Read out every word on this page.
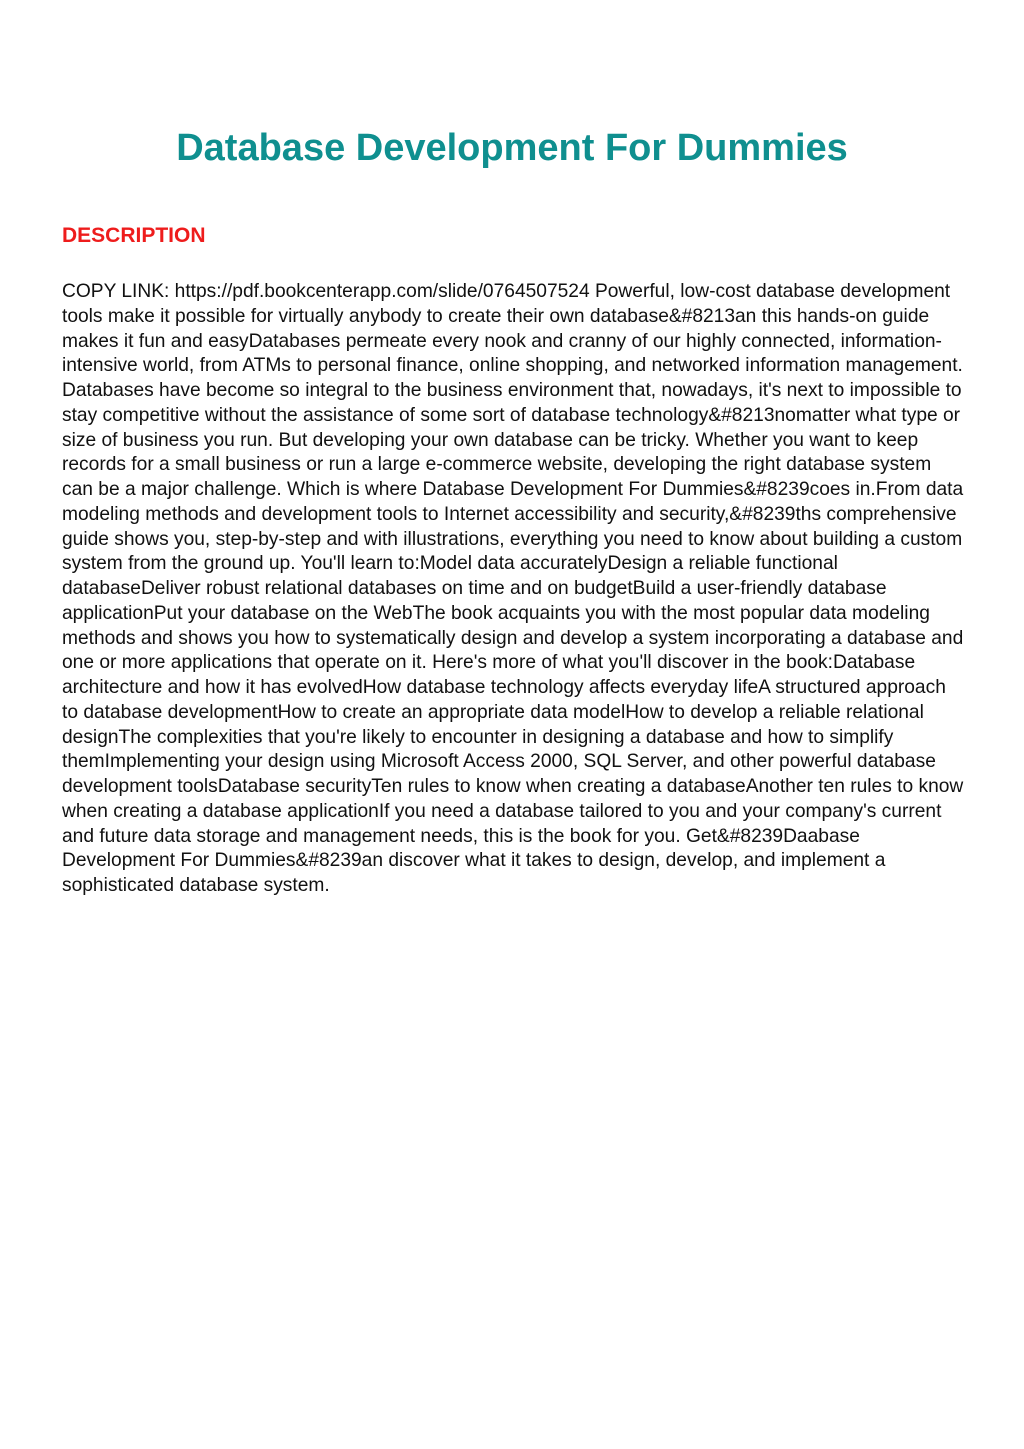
Database Development For Dummies
DESCRIPTION

COPY LINK: https://pdf.bookcenterapp.com/slide/0764507524 Powerful, low-cost database development tools make it possible for virtually anybody to create their own database&#8213an this hands-on guide makes it fun and easyDatabases permeate every nook and cranny of our highly connected, information-intensive world, from ATMs to personal finance, online shopping, and networked information management. Databases have become so integral to the business environment that, nowadays, it's next to impossible to stay competitive without the assistance of some sort of database technology&#8213nomatter what type or size of business you run. But developing your own database can be tricky. Whether you want to keep records for a small business or run a large e-commerce website, developing the right database system can be a major challenge. Which is where Database Development For Dummies&#8239coes in.From data modeling methods and development tools to Internet accessibility and security,&#8239ths comprehensive guide shows you, step-by-step and with illustrations, everything you need to know about building a custom system from the ground up. You'll learn to:Model data accuratelyDesign a reliable functional databaseDeliver robust relational databases on time and on budgetBuild a user-friendly database applicationPut your database on the WebThe book acquaints you with the most popular data modeling methods and shows you how to systematically design and develop a system incorporating a database and one or more applications that operate on it. Here's more of what you'll discover in the book:Database architecture and how it has evolvedHow database technology affects everyday lifeA structured approach to database developmentHow to create an appropriate data modelHow to develop a reliable relational designThe complexities that you're likely to encounter in designing a database and how to simplify themImplementing your design using Microsoft Access 2000, SQL Server, and other powerful database development toolsDatabase securityTen rules to know when creating a databaseAnother ten rules to know when creating a database applicationIf you need a database tailored to you and your company's current and future data storage and management needs, this is the book for you. Get&#8239Daabase Development For Dummies&#8239an discover what it takes to design, develop, and implement a sophisticated database system.
